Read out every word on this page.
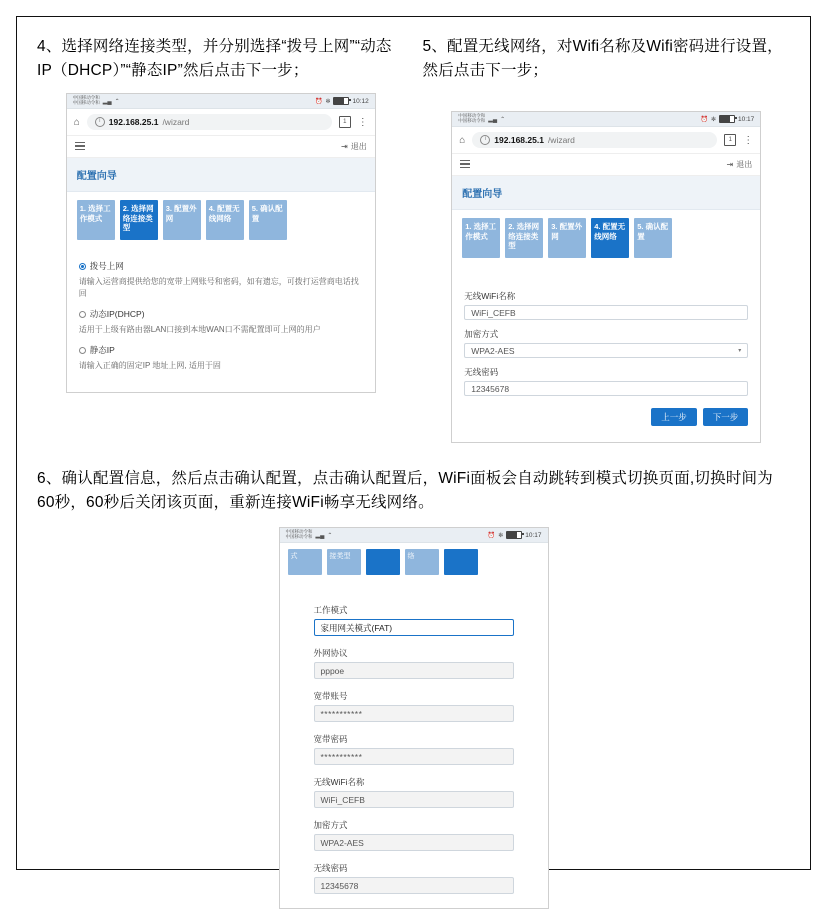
4、选择网络连接类型，并分别选择“拨号上网”“动态IP（DHCP）”“静态IP”然后点击下一步；
中国移动令和
中国移动令和 ▂▄ ⌃	⏰ ✻	10:12
⌂	i 192.168.25.1 /wizard	1	⋮
⇥ 退出
配置向导
1. 选择工作模式
2. 选择网络连接类型
3. 配置外网
4. 配置无线网络
5. 确认配置
拨号上网
请输入运营商提供给您的宽带上网账号和密码，如有遗忘，可拨打运营商电话找回
动态IP(DHCP)
适用于上级有路由器LAN口接到本地WAN口不需配置即可上网的用户
静态IP
请输入正确的固定IP 地址上网, 适用于固
5、配置无线网络，对Wifi名称及Wifi密码进行设置，然后点击下一步；
中国移动令和
中国移动令和 ▂▄ ⌃	⏰ ✻	10:17
⌂	i 192.168.25.1 /wizard	1	⋮
⇥ 退出
配置向导
1. 选择工作模式
2. 选择网络连接类型
3. 配置外网
4. 配置无线网络
5. 确认配置
无线WiFi名称
WiFi_CEFB
加密方式
WPA2-AES	▾
无线密码
12345678
上一步	下一步
6、确认配置信息，然后点击确认配置，点击确认配置后，WiFi面板会自动跳转到模式切换页面,切换时间为60秒，60秒后关闭该页面，重新连接WiFi畅享无线网络。
中国移动令和
中国移动令和 ▂▄ ⌃	⏰ ✻	10:17
式	接类型	络
工作模式
家用网关模式(FAT)
外网协议
pppoe
宽带账号
***********
宽带密码
***********
无线WiFi名称
WiFi_CEFB
加密方式
WPA2-AES
无线密码
12345678
